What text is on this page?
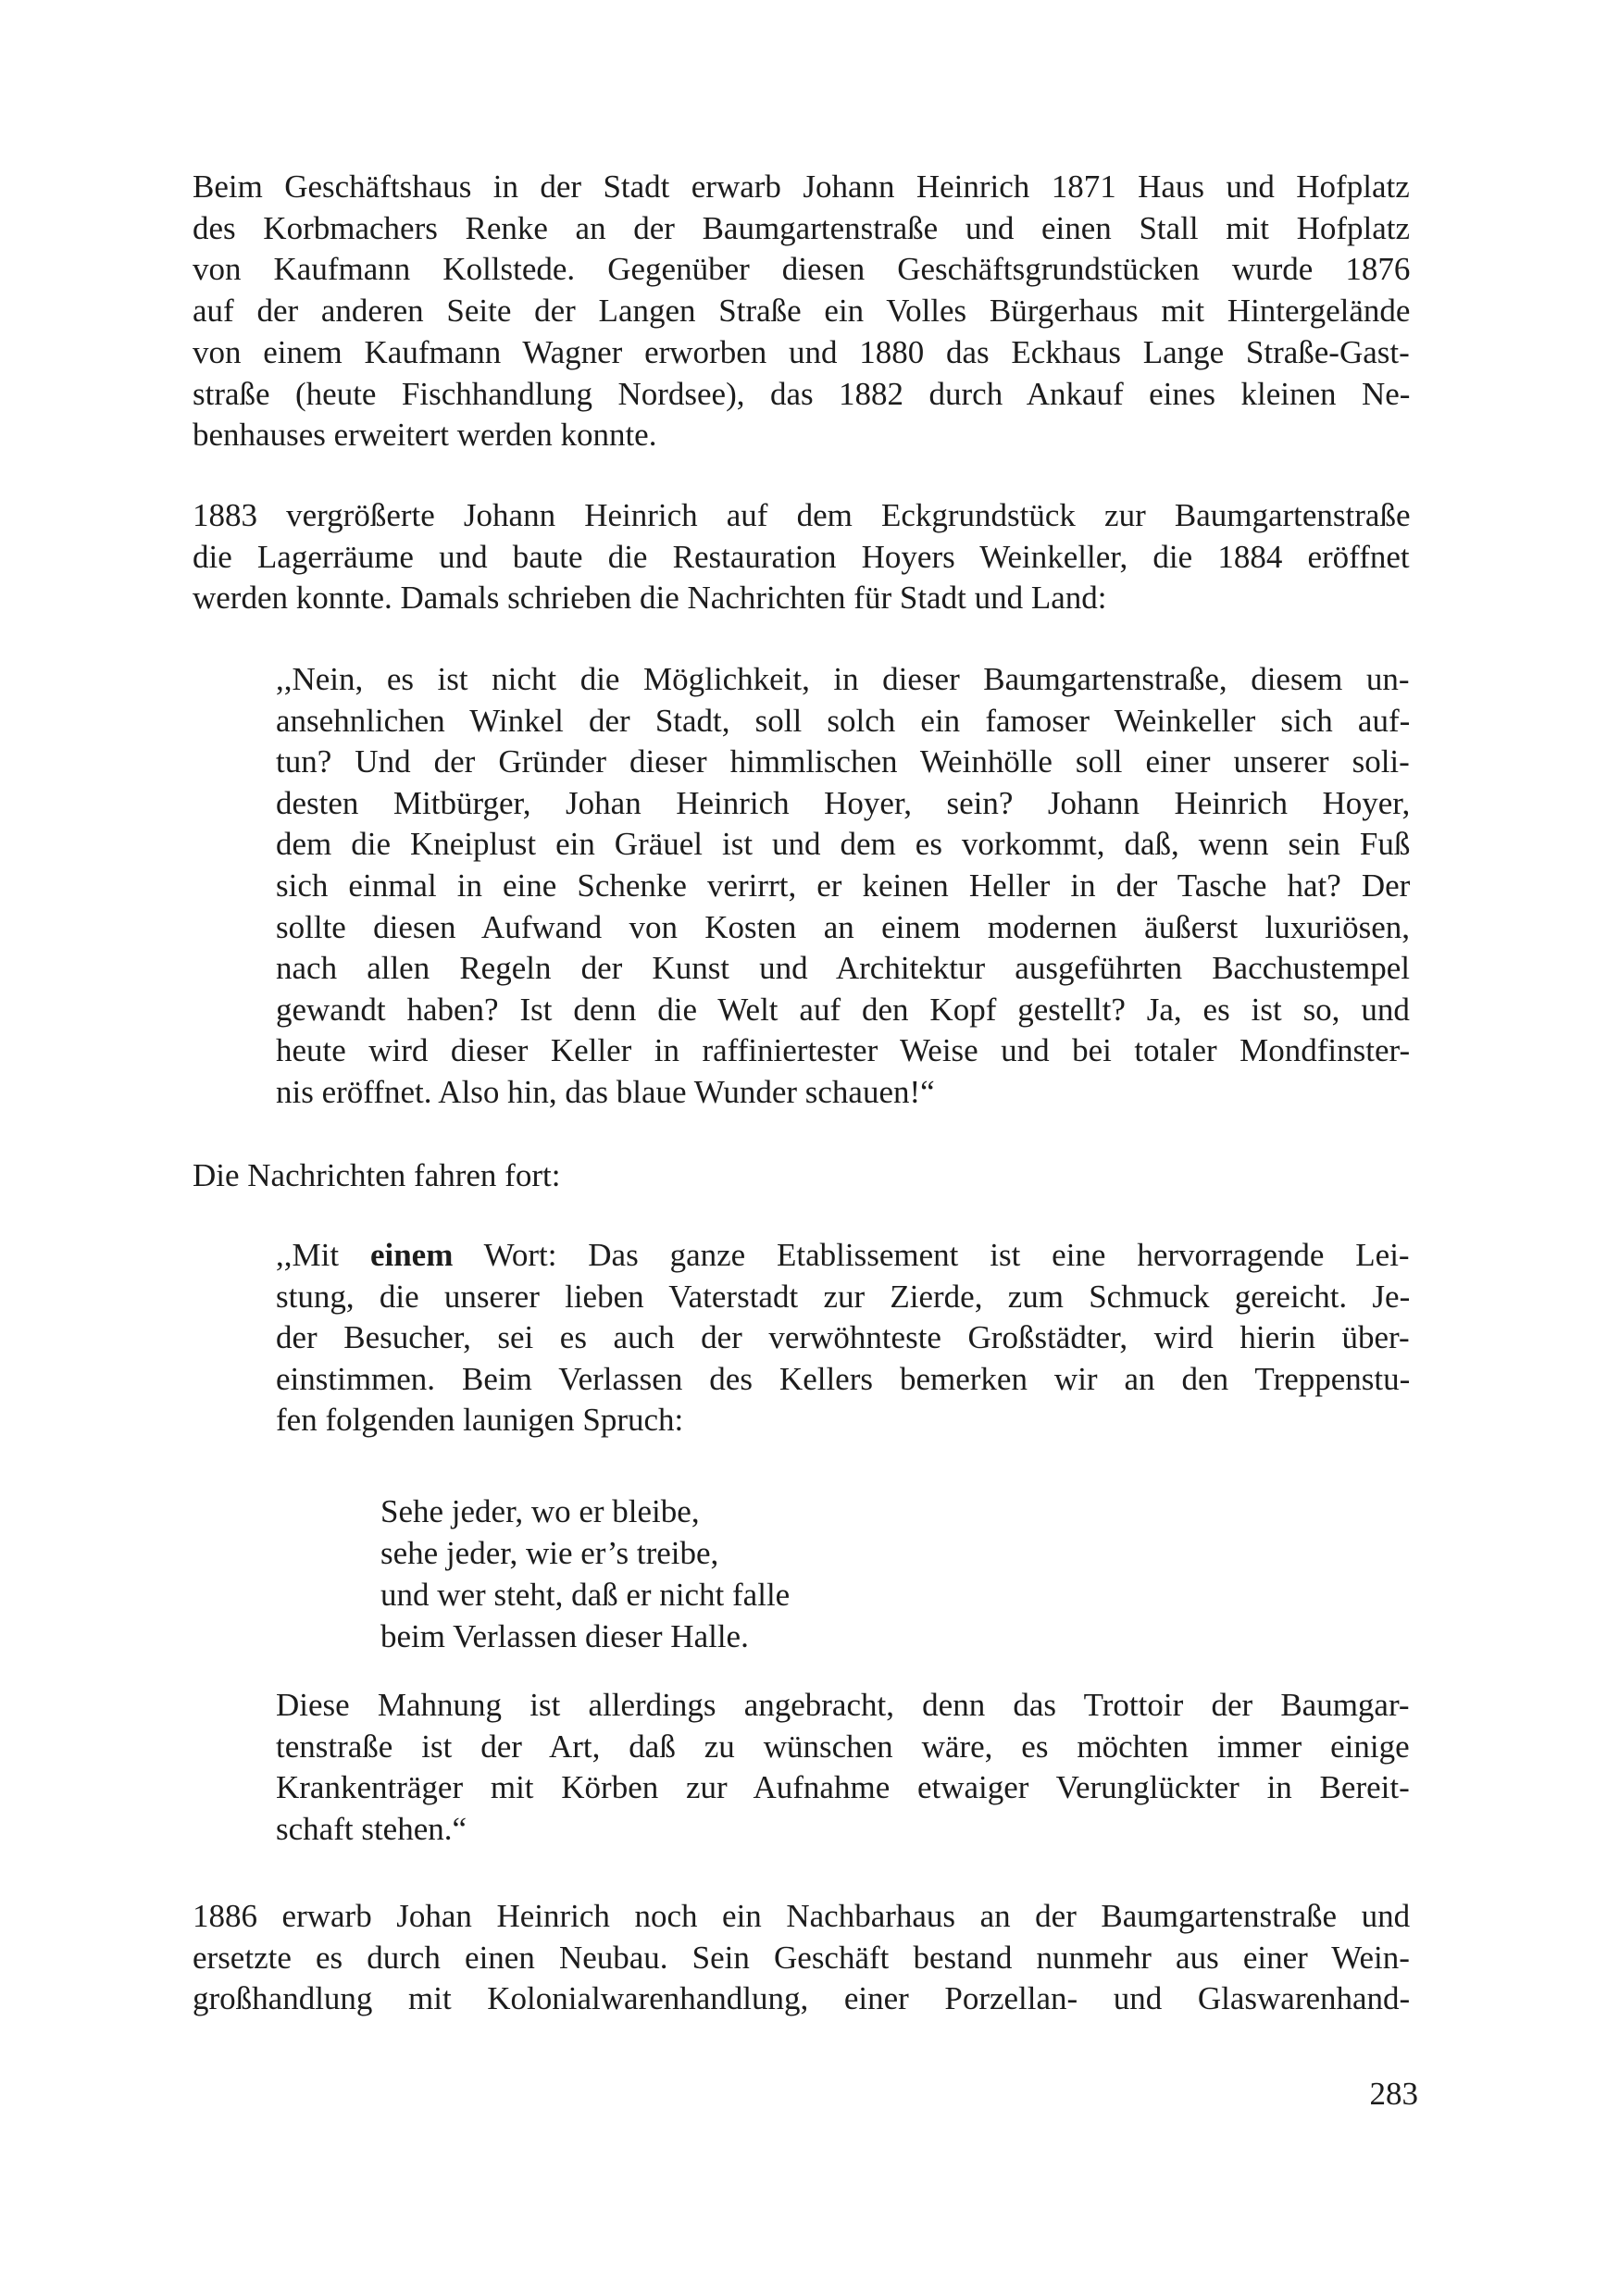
Beim Geschäftshaus in der Stadt erwarb Johann Heinrich 1871 Haus und Hofplatz
des Korbmachers Renke an der Baumgartenstraße und einen Stall mit Hofplatz
von Kaufmann Kollstede. Gegenüber diesen Geschäftsgrundstücken wurde 1876
auf der anderen Seite der Langen Straße ein Volles Bürgerhaus mit Hintergelände
von einem Kaufmann Wagner erworben und 1880 das Eckhaus Lange Straße-Gast-
straße (heute Fischhandlung Nordsee), das 1882 durch Ankauf eines kleinen Ne-
benhauses erweitert werden konnte.
1883 vergrößerte Johann Heinrich auf dem Eckgrundstück zur Baumgartenstraße
die Lagerräume und baute die Restauration Hoyers Weinkeller, die 1884 eröffnet
werden konnte. Damals schrieben die Nachrichten für Stadt und Land:
,,Nein, es ist nicht die Möglichkeit, in dieser Baumgartenstraße, diesem un-
ansehnlichen Winkel der Stadt, soll solch ein famoser Weinkeller sich auf-
tun? Und der Gründer dieser himmlischen Weinhölle soll einer unserer soli-
desten Mitbürger, Johan Heinrich Hoyer, sein? Johann Heinrich Hoyer,
dem die Kneiplust ein Gräuel ist und dem es vorkommt, daß, wenn sein Fuß
sich einmal in eine Schenke verirrt, er keinen Heller in der Tasche hat? Der
sollte diesen Aufwand von Kosten an einem modernen äußerst luxuriösen,
nach allen Regeln der Kunst und Architektur ausgeführten Bacchustempel
gewandt haben? Ist denn die Welt auf den Kopf gestellt? Ja, es ist so, und
heute wird dieser Keller in raffiniertester Weise und bei totaler Mondfinster-
nis eröffnet. Also hin, das blaue Wunder schauen!“
Die Nachrichten fahren fort:
,,Mit einem Wort: Das ganze Etablissement ist eine hervorragende Lei-
stung, die unserer lieben Vaterstadt zur Zierde, zum Schmuck gereicht. Je-
der Besucher, sei es auch der verwöhnteste Großstädter, wird hierin über-
einstimmen. Beim Verlassen des Kellers bemerken wir an den Treppenstu-
fen folgenden launigen Spruch:
Sehe jeder, wo er bleibe,
sehe jeder, wie er’s treibe,
und wer steht, daß er nicht falle
beim Verlassen dieser Halle.
Diese Mahnung ist allerdings angebracht, denn das Trottoir der Baumgar-
tenstraße ist der Art, daß zu wünschen wäre, es möchten immer einige
Krankenträger mit Körben zur Aufnahme etwaiger Verunglückter in Bereit-
schaft stehen.“
1886 erwarb Johan Heinrich noch ein Nachbarhaus an der Baumgartenstraße und
ersetzte es durch einen Neubau. Sein Geschäft bestand nunmehr aus einer Wein-
großhandlung mit Kolonialwarenhandlung, einer Porzellan- und Glaswarenhand-
283
